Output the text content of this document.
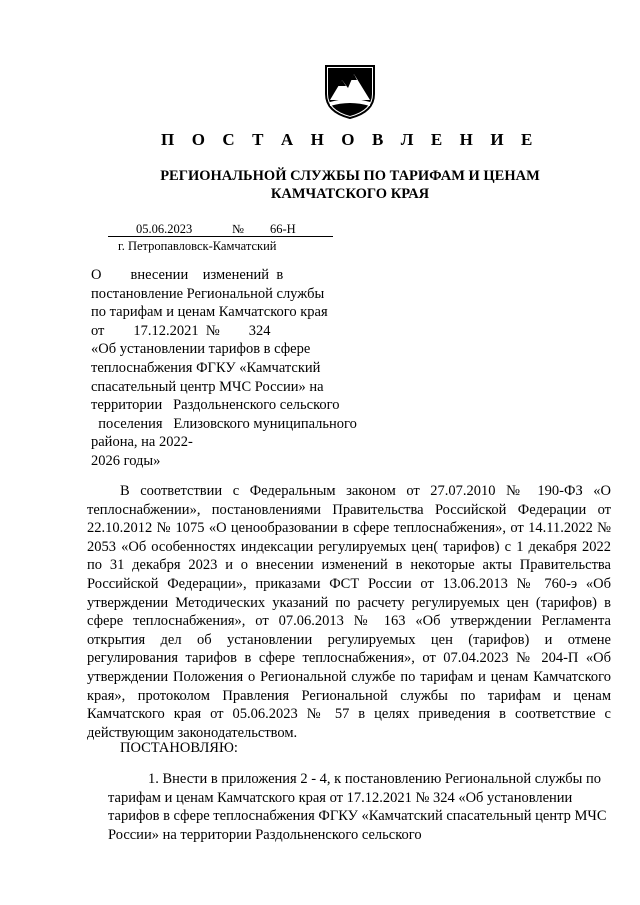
П О С Т А Н О В Л Е Н И Е
РЕГИОНАЛЬНОЙ СЛУЖБЫ ПО ТАРИФАМ И ЦЕНАМ
КАМЧАТСКОГО КРАЯ
05.06.2023	№ 66-Н
г. Петропавловск-Камчатский
О        внесении    изменений  в
постановление Региональной службы
по тарифам и ценам Камчатского края
от        17.12.2021  №        324
«Об установлении тарифов в сфере
теплоснабжения ФГКУ «Камчатский
спасательный центр МЧС России» на
территории   Раздольненского сельского
поселения   Елизовского муниципального
района, на 2022-
2026 годы»
В соответствии с Федеральным законом от 27.07.2010 № 190-ФЗ «О теплоснабжении», постановлениями Правительства Российской Федерации от 22.10.2012 № 1075 «О ценообразовании в сфере теплоснабжения», от 14.11.2022 № 2053 «Об особенностях индексации регулируемых цен( тарифов) с 1 декабря 2022 по 31 декабря 2023 и о внесении изменений в некоторые акты Правительства Российской Федерации», приказами ФСТ России от 13.06.2013 № 760-э «Об утверждении Методических указаний по расчету регулируемых цен (тарифов) в сфере теплоснабжения», от 07.06.2013 № 163 «Об утверждении Регламента открытия дел об установлении регулируемых цен (тарифов) и отмене регулирования тарифов в сфере теплоснабжения», от 07.04.2023 № 204-П «Об утверждении Положения о Региональной службе по тарифам и ценам Камчатского края», протоколом Правления Региональной службы по тарифам и ценам Камчатского края от 05.06.2023 № 57 в целях приведения в соответствие с действующим законодательством.
ПОСТАНОВЛЯЮ:
1. Внести в приложения 2 - 4, к постановлению Региональной службы по тарифам и ценам Камчатского края от 17.12.2021 № 324 «Об установлении тарифов в сфере теплоснабжения ФГКУ «Камчатский спасательный центр МЧС России» на территории Раздольненского сельского
